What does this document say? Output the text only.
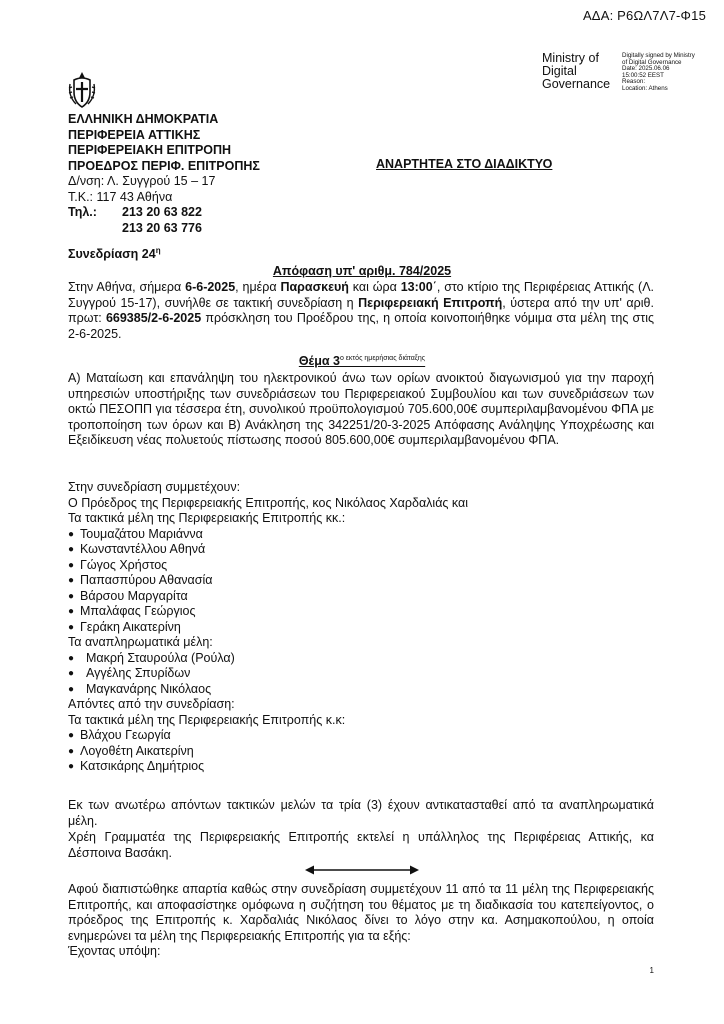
ΑΔΑ: Ρ6ΩΛ7Λ7-Φ15
Ministry of
Digital
Governance
Digitally signed by Ministry
of Digital Governance
Date: 2025.06.06
15:00:52 EEST
Reason:
Location: Athens
ΕΛΛΗΝΙΚΗ ΔΗΜΟΚΡΑΤΙΑ
ΠΕΡΙΦΕΡΕΙΑ ΑΤΤΙΚΗΣ
ΠΕΡΙΦΕΡΕΙΑΚΗ ΕΠΙΤΡΟΠΗ
ΠΡΟΕΔΡΟΣ ΠΕΡΙΦ. ΕΠΙΤΡΟΠΗΣ
Δ/νση: Λ. Συγγρού 15 – 17
Τ.Κ.: 117 43 Αθήνα
Τηλ.: 213 20 63 822
213 20 63 776
ΑΝΑΡΤΗΤΕΑ ΣΤΟ ΔΙΑΔΙΚΤΥΟ
Συνεδρίαση $24^\eta$
Απόφαση υπ' αριθμ. 784/2025
Στην Αθήνα, σήμερα 6-6-2025, ημέρα Παρασκευή και ώρα 13:00΄, στο κτίριο της Περιφέρειας Αττικής (Λ. Συγγρού 15-17), συνήλθε σε τακτική συνεδρίαση η Περιφερειακή Επιτροπή, ύστερα από την υπ' αριθ. πρωτ: 669385/2-6-2025 πρόσκληση του Προέδρου της, η οποία κοινοποιήθηκε νόμιμα στα μέλη της στις 2-6-2025.
Θέμα $3^{o \varepsilon\kappa\tau ό\varsigma \eta\mu\varepsilon\rho ή\sigma\iota\alpha\varsigma \delta\iota ά\tau\alpha\xi\eta\varsigma}$
Α) Ματαίωση και επανάληψη του ηλεκτρονικού άνω των ορίων ανοικτού διαγωνισμού για την παροχή υπηρεσιών υποστήριξης των συνεδριάσεων του Περιφερειακού Συμβουλίου και των συνεδριάσεων των οκτώ ΠΕΣΟΠΠ για τέσσερα έτη, συνολικού προϋπολογισμού 705.600,00€ συμπεριλαμβανομένου ΦΠΑ με τροποποίηση των όρων και Β) Ανάκληση της 342251/20-3-2025 Απόφασης Ανάληψης Υποχρέωσης και Εξειδίκευση νέας πολυετούς πίστωσης ποσού 805.600,00€ συμπεριλαμβανομένου ΦΠΑ.
Στην συνεδρίαση συμμετέχουν:
Ο Πρόεδρος της Περιφερειακής Επιτροπής, κος Νικόλαος Χαρδαλιάς και
Τα τακτικά μέλη της Περιφερειακής Επιτροπής κκ.:
● Τουμαζάτου Μαριάννα
● Κωνσταντέλλου Αθηνά
● Γώγος Χρήστος
● Παπασπύρου Αθανασία
● Βάρσου Μαργαρίτα
● Μπαλάφας Γεώργιος
● Γεράκη Αικατερίνη
Τα αναπληρωματικά μέλη:
● Μακρή Σταυρούλα (Ρούλα)
● Αγγέλης Σπυρίδων
● Μαγκανάρης Νικόλαος
Απόντες από την συνεδρίαση:
Τα τακτικά μέλη της Περιφερειακής Επιτροπής κ.κ:
● Βλάχου Γεωργία
● Λογοθέτη Αικατερίνη
● Κατσικάρης Δημήτριος
Εκ των ανωτέρω απόντων τακτικών μελών τα τρία (3) έχουν αντικατασταθεί από τα αναπληρωματικά μέλη.
Χρέη Γραμματέα της Περιφερειακής Επιτροπής εκτελεί η υπάλληλος της Περιφέρειας Αττικής, κα Δέσποινα Βασάκη.
Αφού διαπιστώθηκε απαρτία καθώς στην συνεδρίαση συμμετέχουν 11 από τα 11 μέλη της Περιφερειακής Επιτροπής, και αποφασίστηκε ομόφωνα η συζήτηση του θέματος με τη διαδικασία του κατεπείγοντος, ο πρόεδρος της Επιτροπής κ. Χαρδαλιάς Νικόλαος δίνει το λόγο στην κα. Ασημακοπούλου, η οποία ενημερώνει τα μέλη της Περιφερειακής Επιτροπής για τα εξής:
Έχοντας υπόψη:
1
